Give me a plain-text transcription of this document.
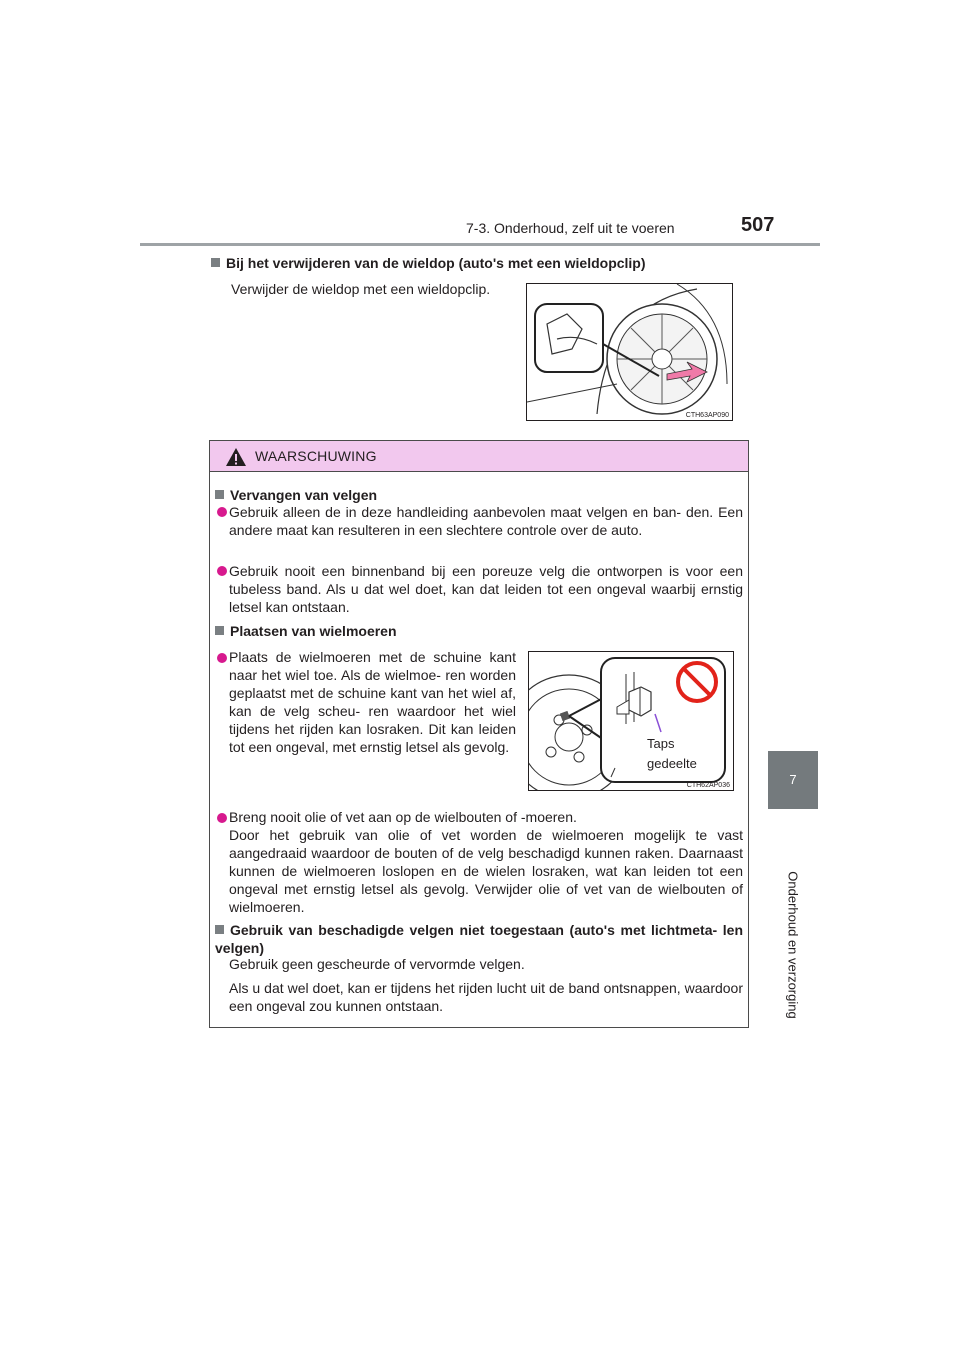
7-3. Onderhoud, zelf uit te voeren	507
7
Onderhoud en verzorging
Bij het verwijderen van de wieldop (auto's met een wieldopclip)
Verwijder de wieldop met een wieldopclip.
CTH63AP090
WAARSCHUWING
Vervangen van velgen
Gebruik alleen de in deze handleiding aanbevolen maat velgen en ban- den. Een andere maat kan resulteren in een slechtere controle over de auto.
Gebruik nooit een binnenband bij een poreuze velg die ontworpen is voor een tubeless band. Als u dat wel doet, kan dat leiden tot een ongeval waarbij ernstig letsel kan ontstaan.
Plaatsen van wielmoeren
Plaats de wielmoeren met de schuine kant naar het wiel toe. Als de wielmoe- ren worden geplaatst met de schuine kant van het wiel af, kan de velg scheu- ren waardoor het wiel tijdens het rijden kan losraken. Dit kan leiden tot een ongeval, met ernstig letsel als gevolg.	Taps gedeelte
CTH62AP036
Breng nooit olie of vet aan op de wielbouten of -moeren.
Door het gebruik van olie of vet worden de wielmoeren mogelijk te vast aangedraaid waardoor de bouten of de velg beschadigd kunnen raken. Daarnaast kunnen de wielmoeren loslopen en de wielen losraken, wat kan leiden tot een ongeval met ernstig letsel als gevolg. Verwijder olie of vet van de wielbouten of wielmoeren.
Gebruik van beschadigde velgen niet toegestaan (auto's met lichtmeta- len velgen)
Gebruik geen gescheurde of vervormde velgen.
Als u dat wel doet, kan er tijdens het rijden lucht uit de band ontsnappen, waardoor een ongeval zou kunnen ontstaan.
